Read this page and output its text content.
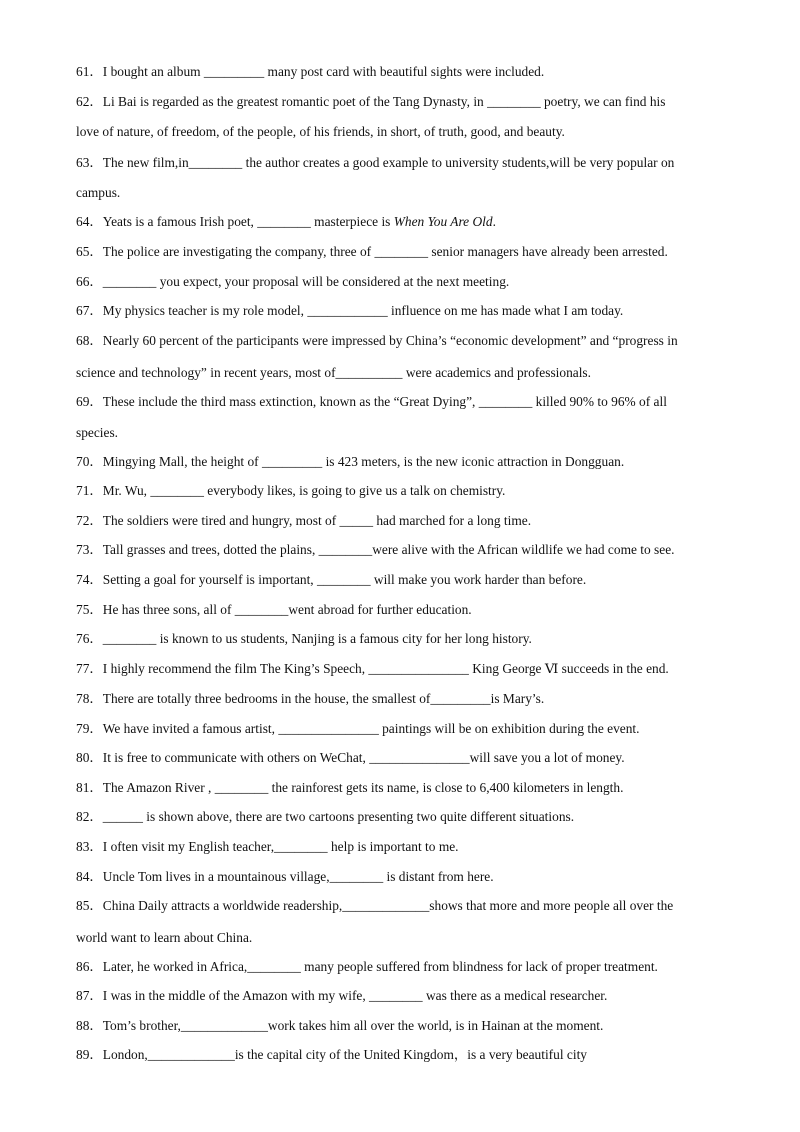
61．I bought an album _________ many post card with beautiful sights were included.
62．Li Bai is regarded as the greatest romantic poet of the Tang Dynasty, in ________ poetry, we can find his
love of nature, of freedom, of the people, of his friends, in short, of truth, good, and beauty.
63．The new film,in________ the author creates a good example to university students,will be very popular on
campus.
64．Yeats is a famous Irish poet, ________ masterpiece is When You Are Old.
65．The police are investigating the company, three of ________ senior managers have already been arrested.
66．________ you expect, your proposal will be considered at the next meeting.
67．My physics teacher is my role model, ____________ influence on me has made what I am today.
68．Nearly 60 percent of the participants were impressed by China’s “economic development” and “progress in
science and technology” in recent years, most of__________ were academics and professionals.
69．These include the third mass extinction, known as the “Great Dying”, ________ killed 90% to 96% of all
species.
70．Mingying Mall, the height of _________ is 423 meters, is the new iconic attraction in Dongguan.
71．Mr. Wu, ________ everybody likes, is going to give us a talk on chemistry.
72．The soldiers were tired and hungry, most of _____ had marched for a long time.
73．Tall grasses and trees, dotted the plains, ________were alive with the African wildlife we had come to see.
74．Setting a goal for yourself is important, ________ will make you work harder than before.
75．He has three sons, all of ________went abroad for further education.
76．________ is known to us students, Nanjing is a famous city for her long history.
77．I highly recommend the film The King’s Speech, _______________ King George Ⅵ succeeds in the end.
78．There are totally three bedrooms in the house, the smallest of_________is Mary’s.
79．We have invited a famous artist, _______________ paintings will be on exhibition during the event.
80．It is free to communicate with others on WeChat, _______________will save you a lot of money.
81．The Amazon River , ________ the rainforest gets its name, is close to 6,400 kilometers in length.
82．______ is shown above, there are two cartoons presenting two quite different situations.
83．I often visit my English teacher,________ help is important to me.
84．Uncle Tom lives in a mountainous village,________ is distant from here.
85．China Daily attracts a worldwide readership,_____________shows that more and more people all over the
world want to learn about China.
86．Later, he worked in Africa,________ many people suffered from blindness for lack of proper treatment.
87．I was in the middle of the Amazon with my wife, ________ was there as a medical researcher.
88．Tom’s brother,_____________work takes him all over the world, is in Hainan at the moment.
89．London,_____________is the capital city of the United Kingdom，is a very beautiful city
